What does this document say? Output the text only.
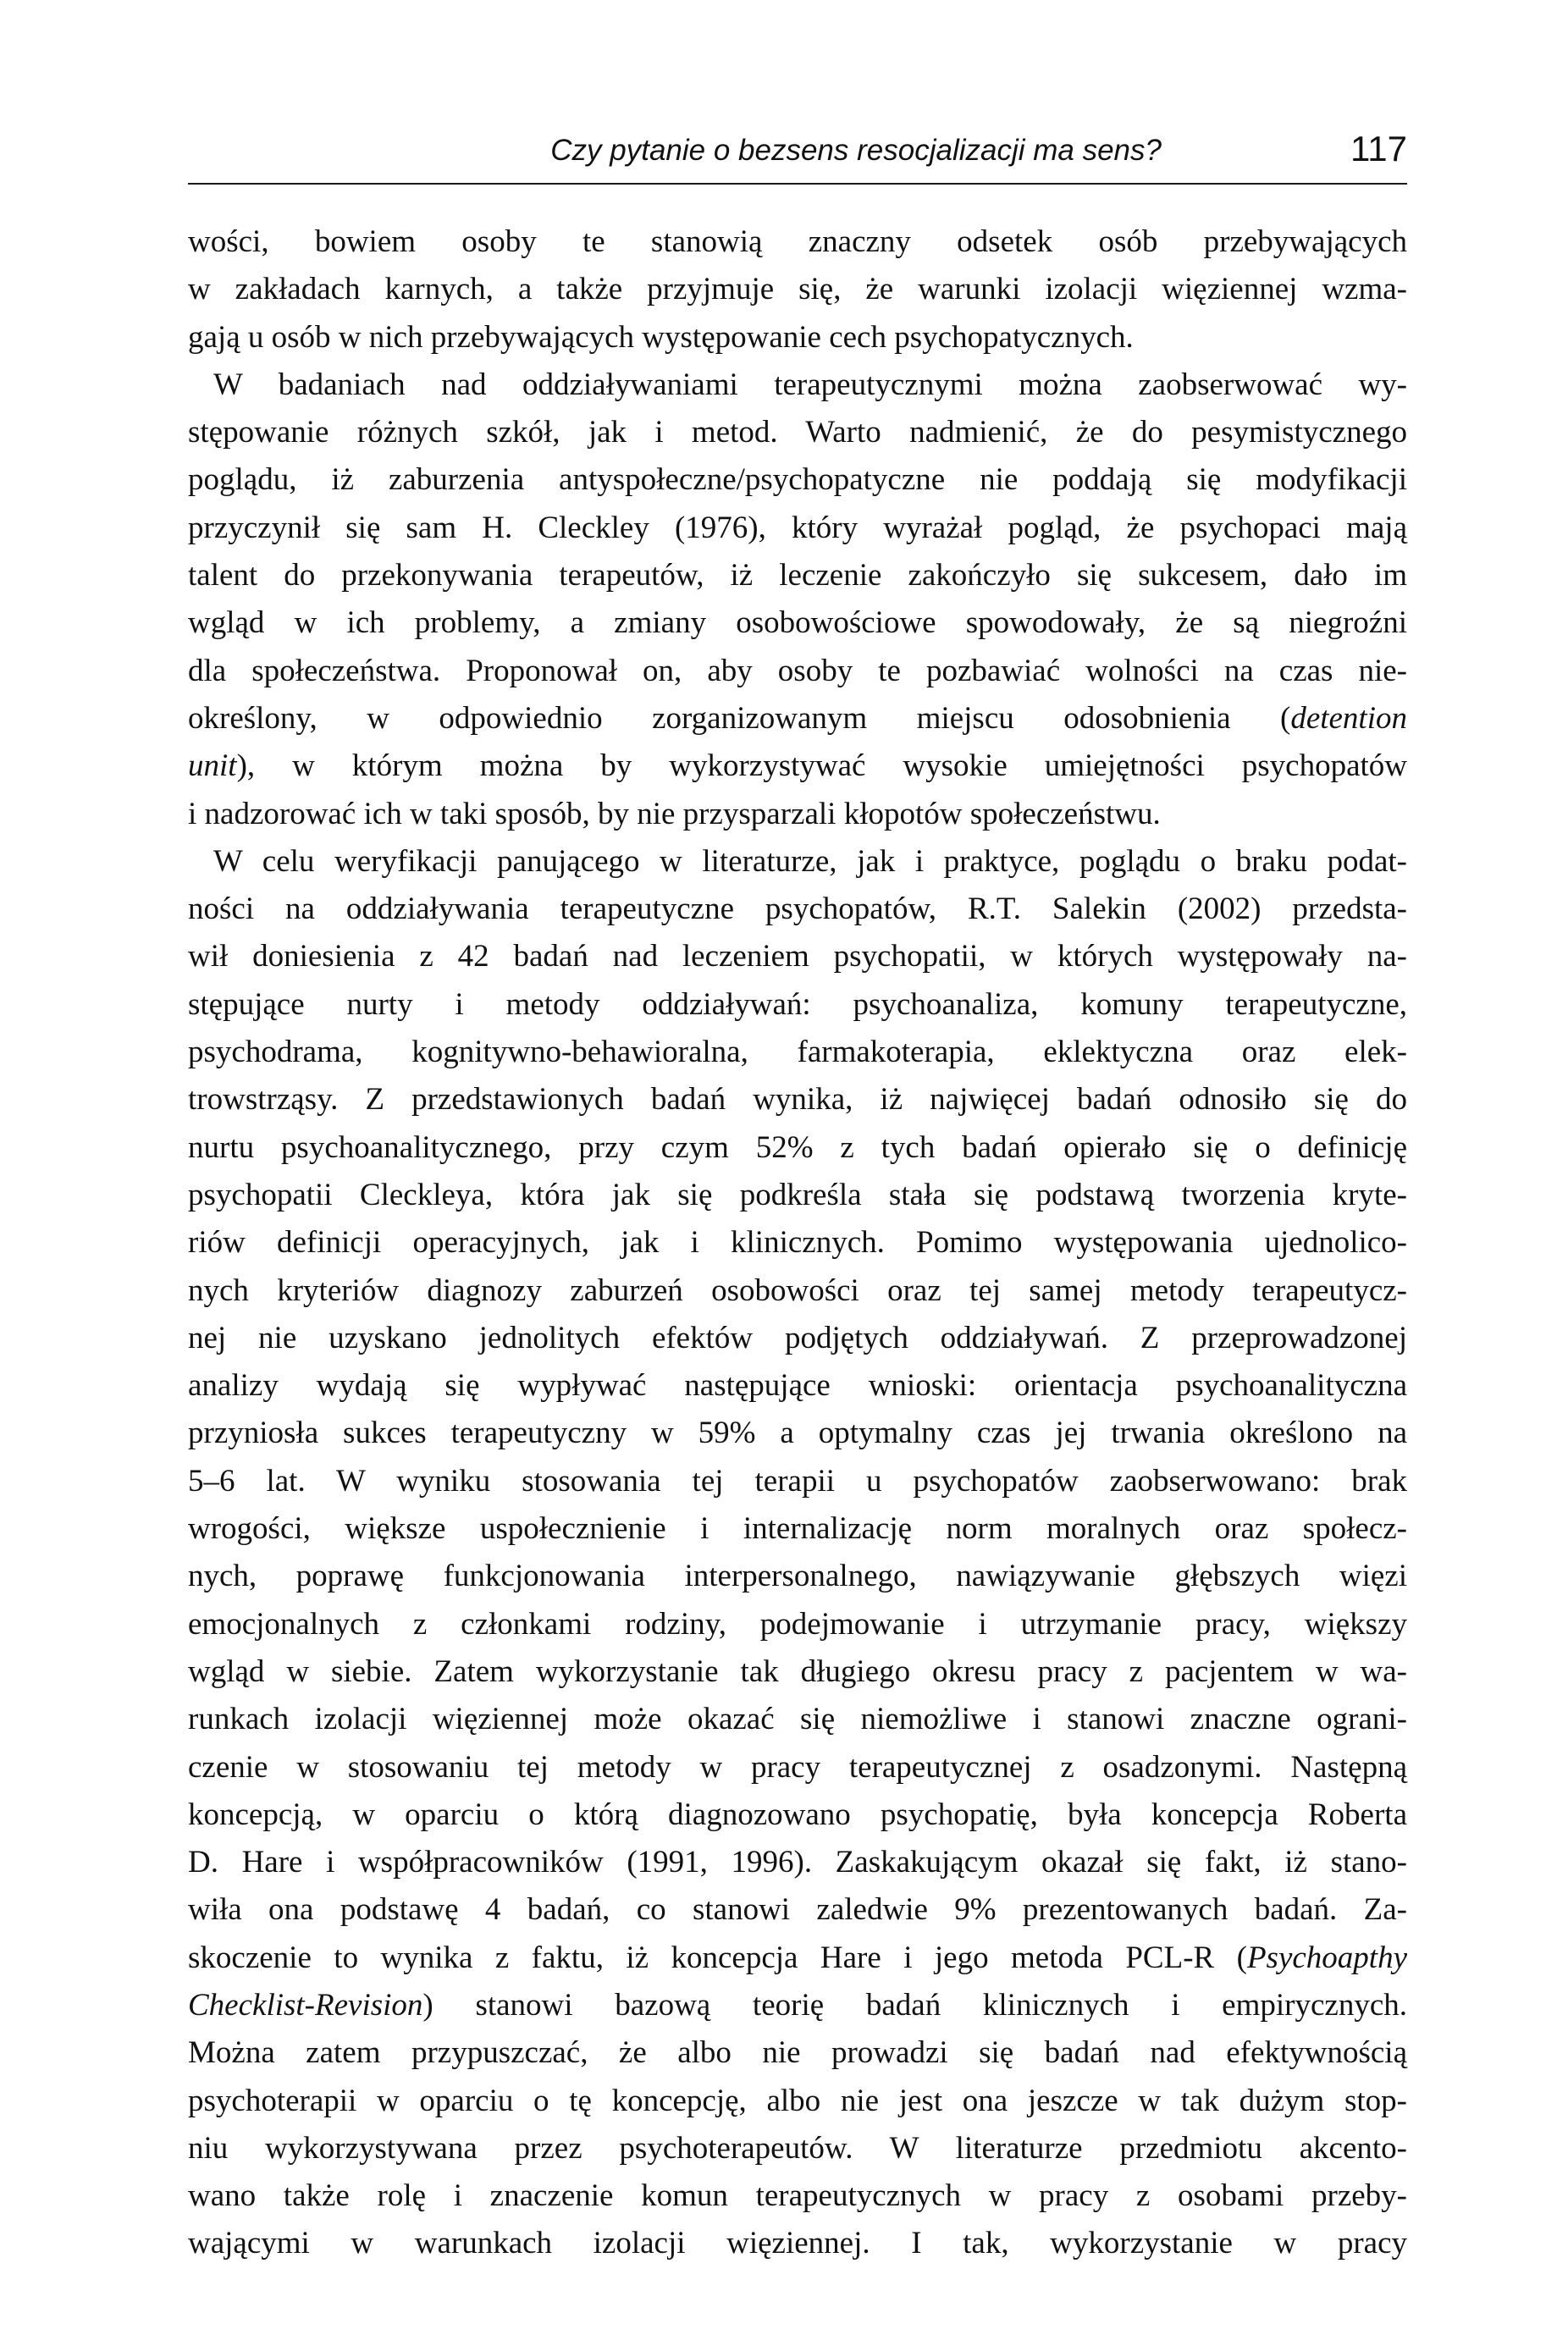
Czy pytanie o bezsens resocjalizacji ma sens?	117
wości, bowiem osoby te stanowią znaczny odsetek osób przebywających
w zakładach karnych, a także przyjmuje się, że warunki izolacji więziennej wzma-
gają u osób w nich przebywających występowanie cech psychopatycznych.
W badaniach nad oddziaływaniami terapeutycznymi można zaobserwować wy-
stępowanie różnych szkół, jak i metod. Warto nadmienić, że do pesymistycznego
poglądu, iż zaburzenia antyspołeczne/psychopatyczne nie poddają się modyfikacji
przyczynił się sam H. Cleckley (1976), który wyrażał pogląd, że psychopaci mają
talent do przekonywania terapeutów, iż leczenie zakończyło się sukcesem, dało im
wgląd w ich problemy, a zmiany osobowościowe spowodowały, że są niegroźni
dla społeczeństwa. Proponował on, aby osoby te pozbawiać wolności na czas nie-
określony, w odpowiednio zorganizowanym miejscu odosobnienia (detention
unit), w którym można by wykorzystywać wysokie umiejętności psychopatów
i nadzorować ich w taki sposób, by nie przysparzali kłopotów społeczeństwu.
W celu weryfikacji panującego w literaturze, jak i praktyce, poglądu o braku podat-
ności na oddziaływania terapeutyczne psychopatów, R.T. Salekin (2002) przedsta-
wił doniesienia z 42 badań nad leczeniem psychopatii, w których występowały na-
stępujące nurty i metody oddziaływań: psychoanaliza, komuny terapeutyczne,
psychodrama, kognitywno-behawioralna, farmakoterapia, eklektyczna oraz elek-
trowstrząsy. Z przedstawionych badań wynika, iż najwięcej badań odnosiło się do
nurtu psychoanalitycznego, przy czym 52% z tych badań opierało się o definicję
psychopatii Cleckleya, która jak się podkreśla stała się podstawą tworzenia kryte-
riów definicji operacyjnych, jak i klinicznych. Pomimo występowania ujednolico-
nych kryteriów diagnozy zaburzeń osobowości oraz tej samej metody terapeutycz-
nej nie uzyskano jednolitych efektów podjętych oddziaływań. Z przeprowadzonej
analizy wydają się wypływać następujące wnioski: orientacja psychoanalityczna
przyniosła sukces terapeutyczny w 59% a optymalny czas jej trwania określono na
5–6 lat. W wyniku stosowania tej terapii u psychopatów zaobserwowano: brak
wrogości, większe uspołecznienie i internalizację norm moralnych oraz społecz-
nych, poprawę funkcjonowania interpersonalnego, nawiązywanie głębszych więzi
emocjonalnych z członkami rodziny, podejmowanie i utrzymanie pracy, większy
wgląd w siebie. Zatem wykorzystanie tak długiego okresu pracy z pacjentem w wa-
runkach izolacji więziennej może okazać się niemożliwe i stanowi znaczne ograni-
czenie w stosowaniu tej metody w pracy terapeutycznej z osadzonymi. Następną
koncepcją, w oparciu o którą diagnozowano psychopatię, była koncepcja Roberta
D. Hare i współpracowników (1991, 1996). Zaskakującym okazał się fakt, iż stano-
wiła ona podstawę 4 badań, co stanowi zaledwie 9% prezentowanych badań. Za-
skoczenie to wynika z faktu, iż koncepcja Hare i jego metoda PCL-R (Psychoapthy
Checklist-Revision) stanowi bazową teorię badań klinicznych i empirycznych.
Można zatem przypuszczać, że albo nie prowadzi się badań nad efektywnością
psychoterapii w oparciu o tę koncepcję, albo nie jest ona jeszcze w tak dużym stop-
niu wykorzystywana przez psychoterapeutów. W literaturze przedmiotu akcento-
wano także rolę i znaczenie komun terapeutycznych w pracy z osobami przeby-
wającymi w warunkach izolacji więziennej. I tak, wykorzystanie w pracy
